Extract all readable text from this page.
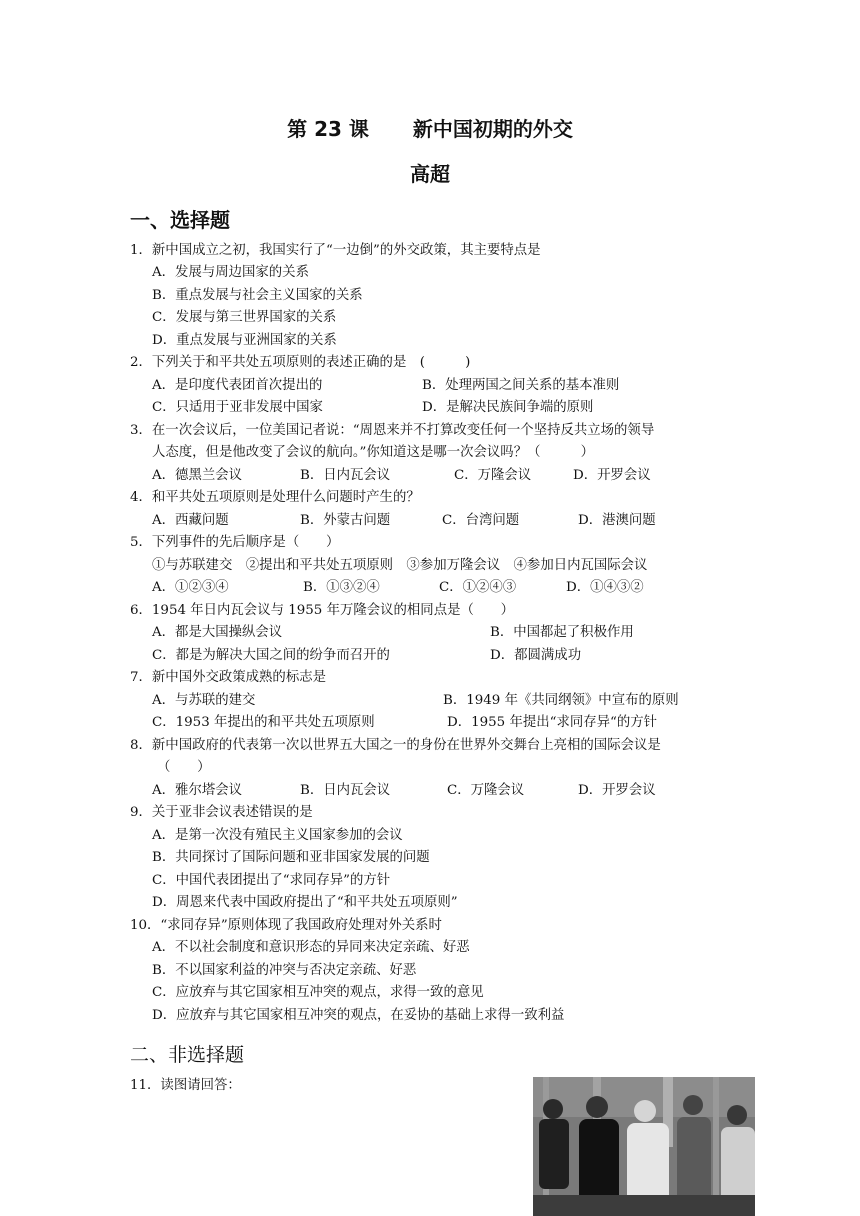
第 23 课 新中国初期的外交
高超
一、选择题
1．新中国成立之初，我国实行了“一边倒”的外交政策，其主要特点是
A．发展与周边国家的关系
B．重点发展与社会主义国家的关系
C．发展与第三世界国家的关系
D．重点发展与亚洲国家的关系
2．下列关于和平共处五项原则的表述正确的是　(　　　)
A．是印度代表团首次提出的	B．处理两国之间关系的基本准则
C．只适用于亚非发展中国家	D．是解决民族间争端的原则
3．在一次会议后，一位美国记者说：“周恩来并不打算改变任何一个坚持反共立场的领导
人态度，但是他改变了会议的航向。”你知道这是哪一次会议吗？（　　　）
A．德黑兰会议	B．日内瓦会议	C．万隆会议	D．开罗会议
4．和平共处五项原则是处理什么问题时产生的？
A．西藏问题	B．外蒙古问题	C．台湾问题	D．港澳问题
5．下列事件的先后顺序是（　　）
①与苏联建交　②提出和平共处五项原则　③参加万隆会议　④参加日内瓦国际会议
A．①②③④	B．①③②④	C．①②④③	D．①④③②
6．1954 年日内瓦会议与 1955 年万隆会议的相同点是（　　）
A．都是大国操纵会议	B．中国都起了积极作用
C．都是为解决大国之间的纷争而召开的	D．都圆满成功
7．新中国外交政策成熟的标志是
A．与苏联的建交	B．1949 年《共同纲领》中宣布的原则
C．1953 年提出的和平共处五项原则	D．1955 年提出“求同存异“的方针
8．新中国政府的代表第一次以世界五大国之一的身份在世界外交舞台上亮相的国际会议是
（　　）
A．雅尔塔会议	B．日内瓦会议	C．万隆会议	D．开罗会议
9．关于亚非会议表述错误的是
A．是第一次没有殖民主义国家参加的会议
B．共同探讨了国际问题和亚非国家发展的问题
C．中国代表团提出了“求同存异”的方针
D．周恩来代表中国政府提出了“和平共处五项原则”
10．“求同存异”原则体现了我国政府处理对外关系时
A．不以社会制度和意识形态的异同来决定亲疏、好恶
B．不以国家利益的冲突与否决定亲疏、好恶
C．应放弃与其它国家相互冲突的观点，求得一致的意见
D．应放弃与其它国家相互冲突的观点，在妥协的基础上求得一致利益
二、非选择题
11．读图请回答：
